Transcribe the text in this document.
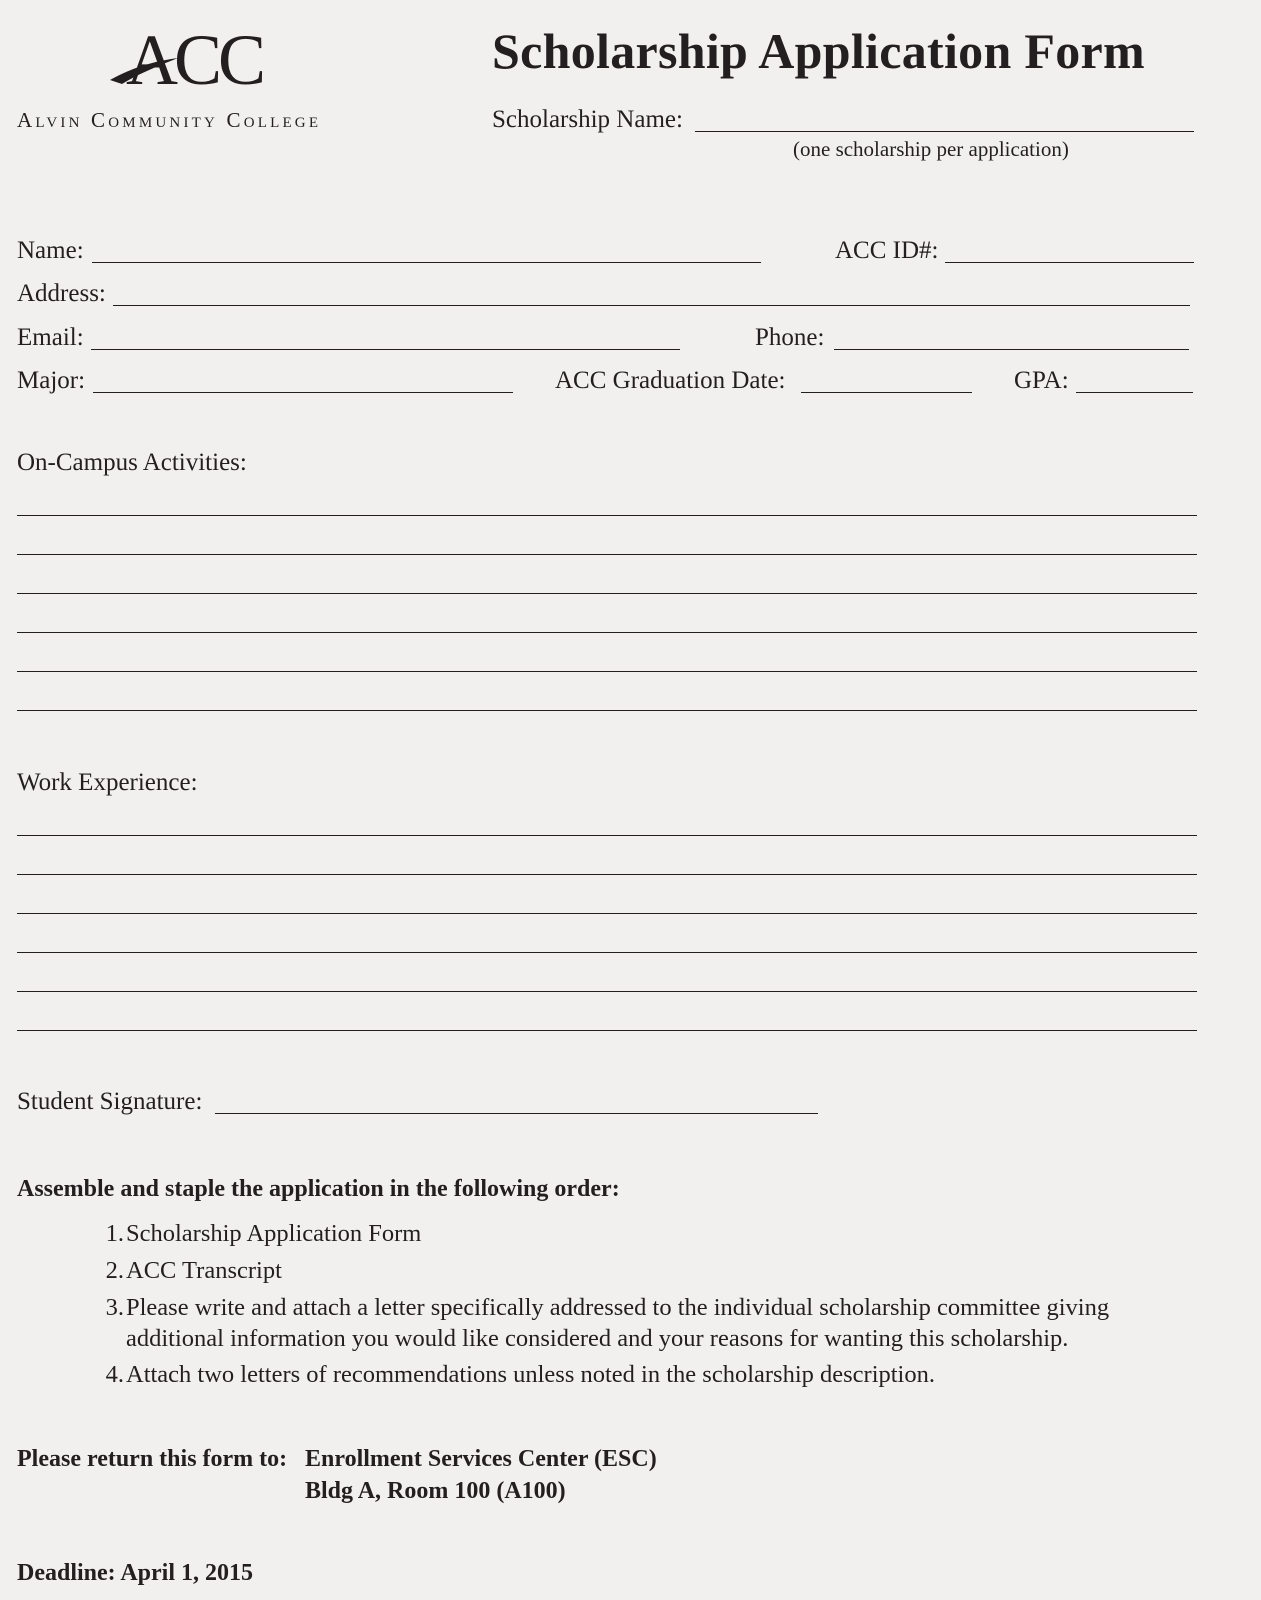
ACC
Alvin Community College
Scholarship Application Form
Scholarship Name:
(one scholarship per application)
Name:	ACC ID#:
Address:
Email:	Phone:
Major:	ACC Graduation Date:	GPA:
On-Campus Activities:
Work Experience:
Student Signature:
Assemble and staple the application in the following order:
1. Scholarship Application Form
2. ACC Transcript
3. Please write and attach a letter specifically addressed to the individual scholarship committee giving additional information you would like considered and your reasons for wanting this scholarship.
4. Attach two letters of recommendations unless noted in the scholarship description.
Please return this form to: Enrollment Services Center (ESC)
Bldg A, Room 100 (A100)
Deadline: April 1, 2015
